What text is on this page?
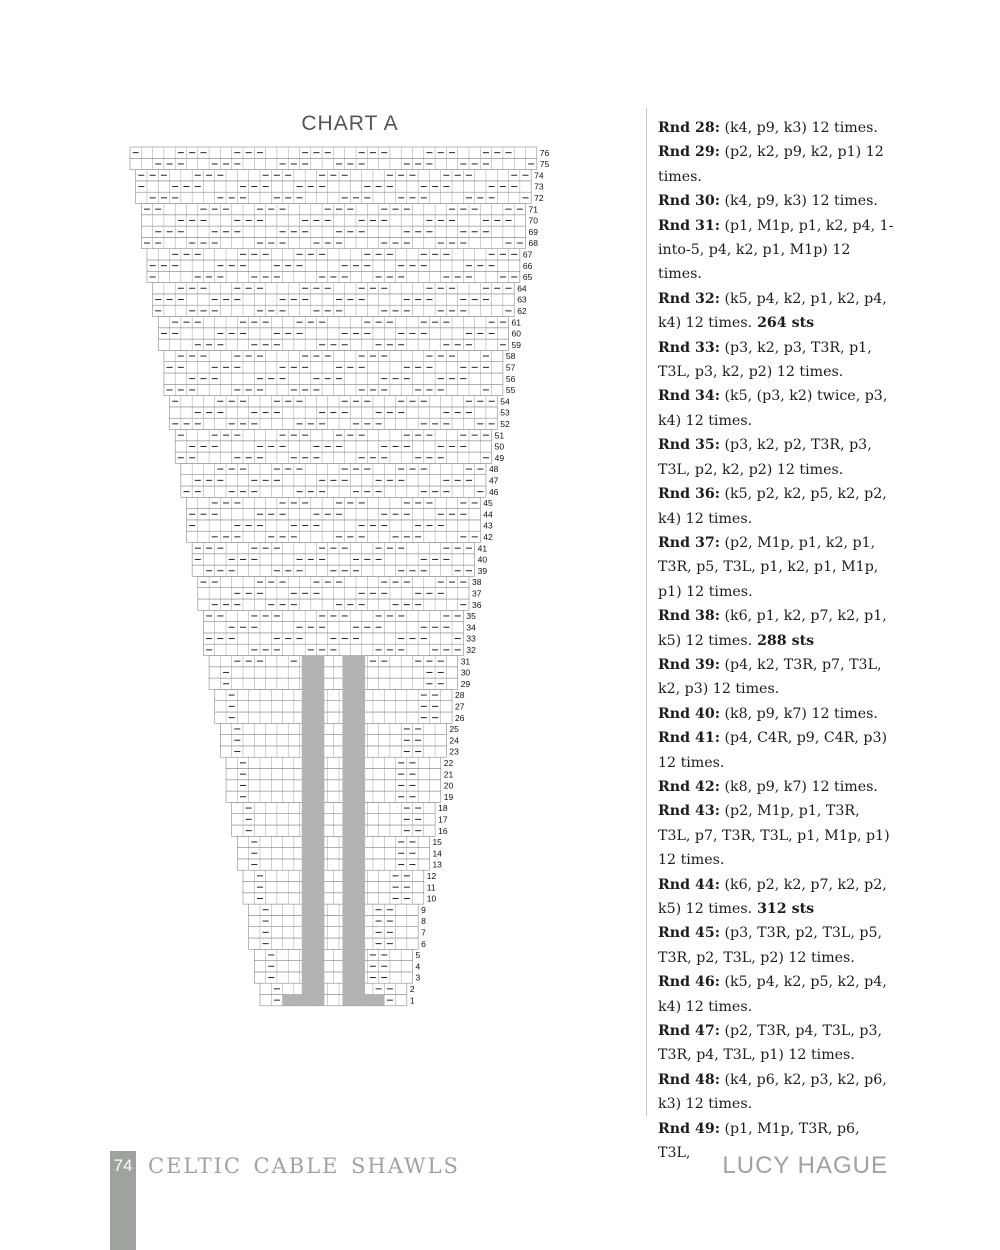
CHART A
1
2
3
4
5
6
7
8
9
10
11
12
13
14
15
16
17
18
19
20
21
22
23
24
25
26
27
28
29
30
31
32
33
34
35
36
37
38
39
40
41
42
43
44
45
46
47
48
49
50
51
52
53
54
55
56
57
58
59
60
61
62
63
64
65
66
67
68
69
70
71
72
73
74
75
76

Rnd 28: (k4, p9, k3) 12 times.

Rnd 29: (p2, k2, p9, k2, p1) 12 times.

Rnd 30: (k4, p9, k3) 12 times.

Rnd 31: (p1, M1p, p1, k2, p4, 1-into-5, p4, k2, p1, M1p) 12 times.

Rnd 32: (k5, p4, k2, p1, k2, p4, k4) 12 times. 264 sts

Rnd 33: (p3, k2, p3, T3R, p1, T3L, p3, k2, p2) 12 times.

Rnd 34: (k5, (p3, k2) twice, p3, k4) 12 times.

Rnd 35: (p3, k2, p2, T3R, p3, T3L, p2, k2, p2) 12 times.

Rnd 36: (k5, p2, k2, p5, k2, p2, k4) 12 times.

Rnd 37: (p2, M1p, p1, k2, p1, T3R, p5, T3L, p1, k2, p1, M1p, p1) 12 times.

Rnd 38: (k6, p1, k2, p7, k2, p1, k5) 12 times. 288 sts

Rnd 39: (p4, k2, T3R, p7, T3L, k2, p3) 12 times.

Rnd 40: (k8, p9, k7) 12 times.

Rnd 41: (p4, C4R, p9, C4R, p3) 12 times.

Rnd 42: (k8, p9, k7) 12 times.

Rnd 43: (p2, M1p, p1, T3R, T3L, p7, T3R, T3L, p1, M1p, p1) 12 times.

Rnd 44: (k6, p2, k2, p7, k2, p2, k5) 12 times. 312 sts

Rnd 45: (p3, T3R, p2, T3L, p5, T3R, p2, T3L, p2) 12 times.

Rnd 46: (k5, p4, k2, p5, k2, p4, k4) 12 times.

Rnd 47: (p2, T3R, p4, T3L, p3, T3R, p4, T3L, p1) 12 times.

Rnd 48: (k4, p6, k2, p3, k2, p6, k3) 12 times.

Rnd 49: (p1, M1p, T3R, p6, T3L,

74 celtic cable shawls	LUCY HAGUE
